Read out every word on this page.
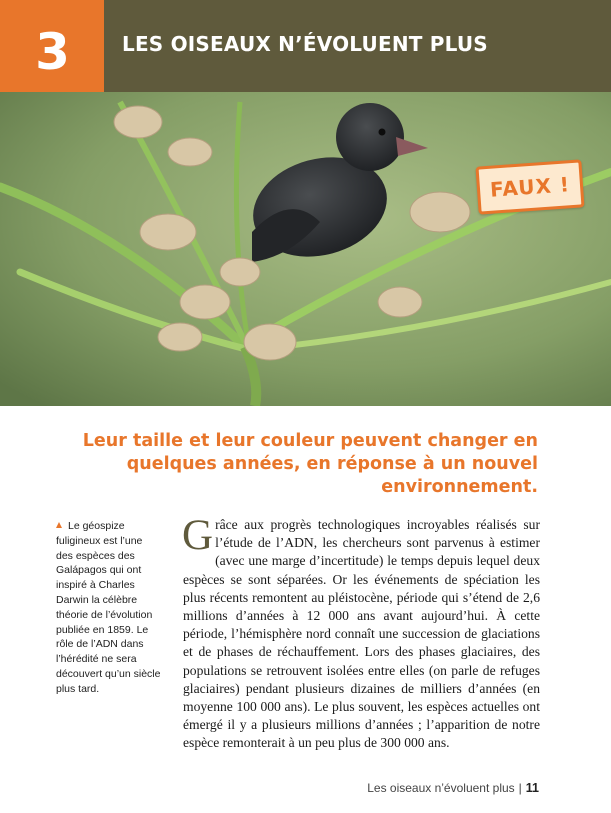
3	LES OISEAUX N’ÉVOLUENT PLUS
FAUX !
Leur taille et leur couleur peuvent changer en quelques années, en réponse à un nouvel environnement.
Le géospize fuligineux est l’une des espèces des Galápagos qui ont inspiré à Charles Darwin la célèbre théorie de l’évolution publiée en 1859. Le rôle de l’ADN dans l’hérédité ne sera découvert qu’un siècle plus tard.
Grâce aux progrès technologiques incroyables réalisés sur l’étude de l’ADN, les chercheurs sont parvenus à estimer (avec une marge d’incertitude) le temps depuis lequel deux espèces se sont séparées. Or les événements de spéciation les plus récents remontent au pléistocène, période qui s’étend de 2,6 millions d’années à 12 000 ans avant aujourd’hui. À cette période, l’hémisphère nord connaît une succession de glaciations et de phases de réchauffement. Lors des phases glaciaires, des populations se retrouvent isolées entre elles (on parle de refuges glaciaires) pendant plusieurs dizaines de milliers d’années (en moyenne 100 000 ans). Le plus souvent, les espèces actuelles ont émergé il y a plusieurs millions d’années ; l’apparition de notre espèce remonterait à un peu plus de 300 000 ans.
Les oiseaux n’évoluent plus | 11
